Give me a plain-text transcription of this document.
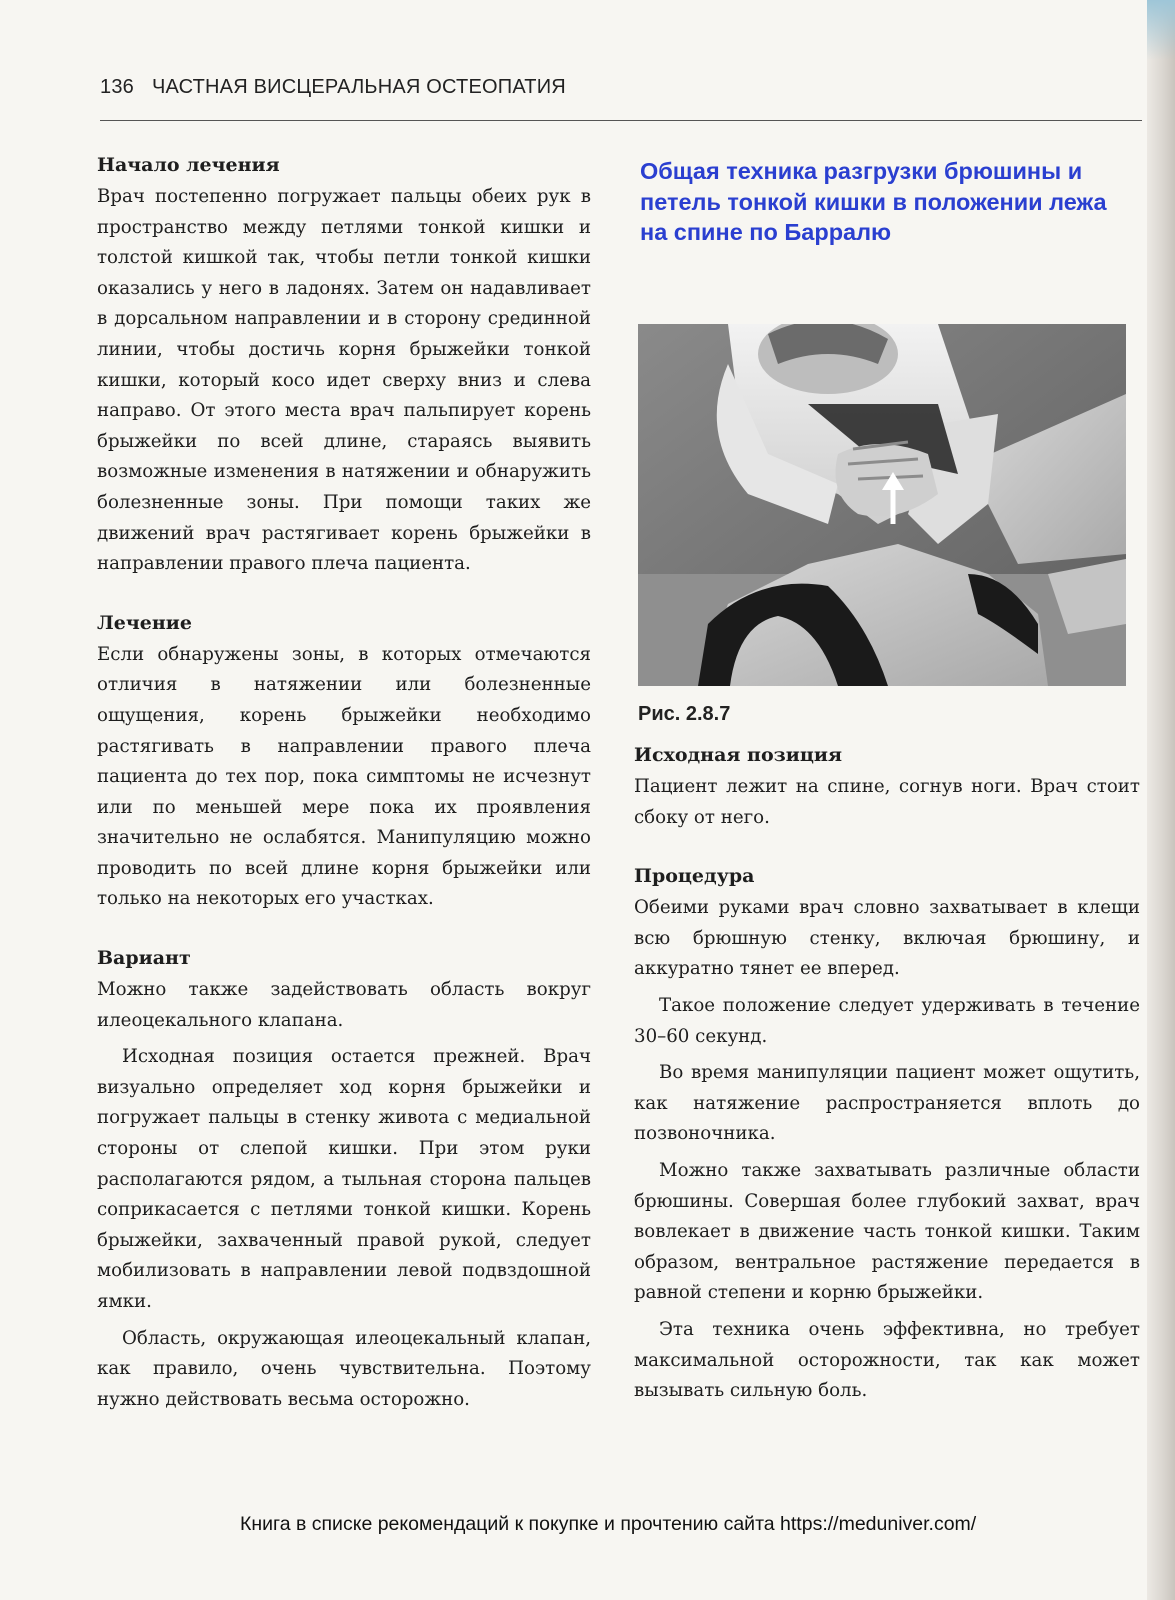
136 ЧАСТНАЯ ВИСЦЕРАЛЬНАЯ ОСТЕОПАТИЯ
Начало лечения

Врач постепенно погружает пальцы обеих рук в пространство между петлями тонкой кишки и толстой кишкой так, чтобы петли тонкой кишки оказались у него в ладонях. Затем он надавливает в дорсальном направлении и в сторону срединной линии, чтобы достичь корня брыжейки тонкой кишки, который косо идет сверху вниз и слева направо. От этого места врач пальпирует корень брыжейки по всей длине, стараясь выявить возможные изменения в натяжении и обнаружить болезненные зоны. При помощи таких же движений врач растягивает корень брыжейки в направлении правого плеча пациента.

Лечение

Если обнаружены зоны, в которых отмечаются отличия в натяжении или болезненные ощущения, корень брыжейки необходимо растягивать в направлении правого плеча пациента до тех пор, пока симптомы не исчезнут или по меньшей мере пока их проявления значительно не ослабятся. Манипуляцию можно проводить по всей длине корня брыжейки или только на некоторых его участках.

Вариант

Можно также задействовать область вокруг илеоцекального клапана.

Исходная позиция остается прежней. Врач визуально определяет ход корня брыжейки и погружает пальцы в стенку живота с медиальной стороны от слепой кишки. При этом руки располагаются рядом, а тыльная сторона пальцев соприкасается с петлями тонкой кишки. Корень брыжейки, захваченный правой рукой, следует мобилизовать в направлении левой подвздошной ямки.

Область, окружающая илеоцекальный клапан, как правило, очень чувствительна. Поэтому нужно действовать весьма осторожно.

Общая техника разгрузки брюшины и петель тонкой кишки в положении лежа на спине по Барралю
Рис. 2.8.7
Исходная позиция

Пациент лежит на спине, согнув ноги. Врач стоит сбоку от него.

Процедура

Обеими руками врач словно захватывает в клещи всю брюшную стенку, включая брюшину, и аккуратно тянет ее вперед.

Такое положение следует удерживать в течение 30–60 секунд.

Во время манипуляции пациент может ощутить, как натяжение распространяется вплоть до позвоночника.

Можно также захватывать различные области брюшины. Совершая более глубокий захват, врач вовлекает в движение часть тонкой кишки. Таким образом, вентральное растяжение передается в равной степени и корню брыжейки.

Эта техника очень эффективна, но требует максимальной осторожности, так как может вызывать сильную боль.

Книга в списке рекомендаций к покупке и прочтению сайта https://meduniver.com/
